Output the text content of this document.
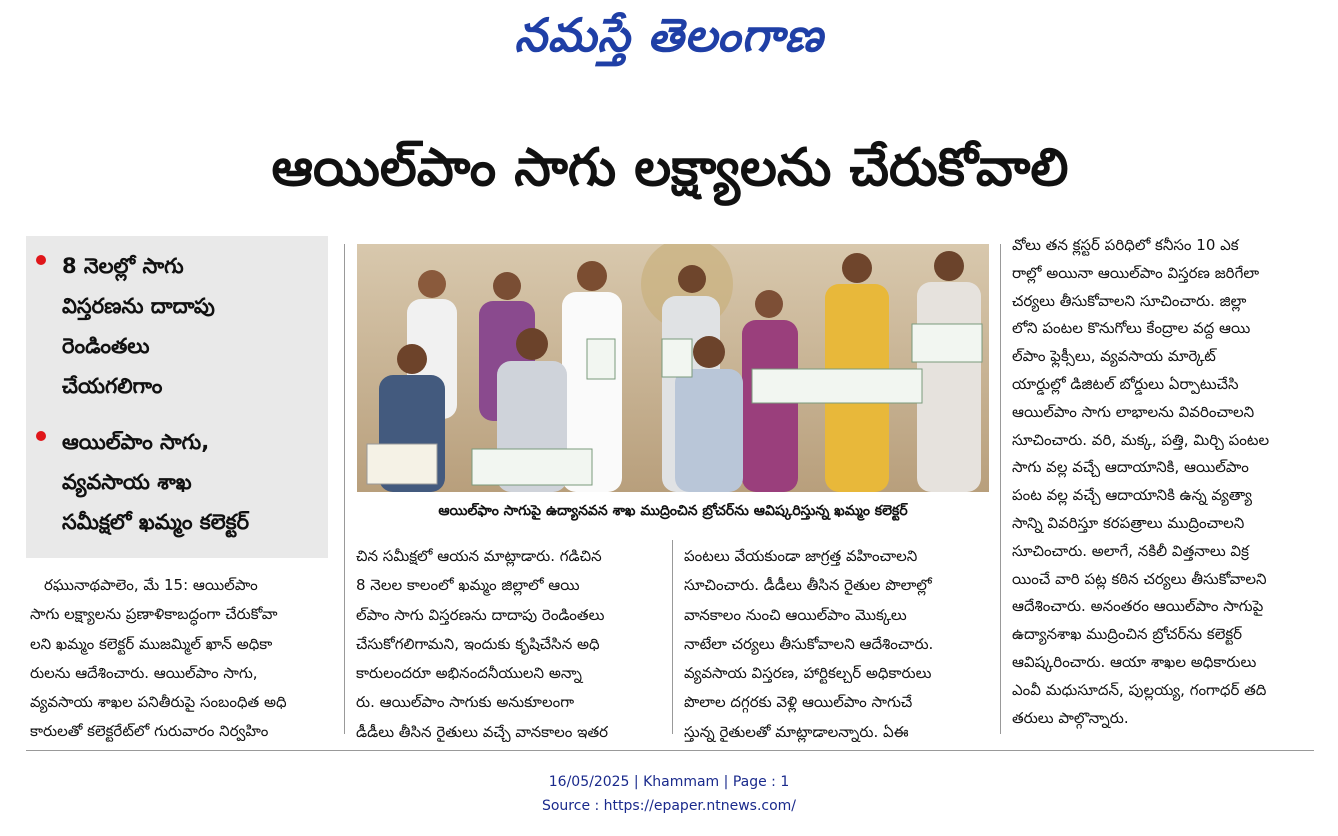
నమస్తే తెలంగాణ
ఆయిల్‌పాం సాగు లక్ష్యాలను చేరుకోవాలి
8 నెలల్లో సాగు
విస్తరణను దాదాపు
రెండింతలు
చేయగలిగాం
ఆయిల్‌పాం సాగు,
వ్యవసాయ శాఖ
సమీక్షలో ఖమ్మం కలెక్టర్	ఆయిల్‌ఫాం సాగుపై ఉద్యానవన శాఖ ముద్రించిన బ్రోచర్‌ను ఆవిష్కరిస్తున్న ఖమ్మం కలెక్టర్
రఘునాథపాలెం, మే 15: ఆయిల్‌పాం
సాగు లక్ష్యాలను ప్రణాళికాబద్ధంగా చేరుకోవా
లని ఖమ్మం కలెక్టర్ ముజమ్మిల్ ఖాన్ అధికా
రులను ఆదేశించారు. ఆయిల్‌పాం సాగు,
వ్యవసాయ శాఖల పనితీరుపై సంబంధిత అధి
కారులతో కలెక్టరేట్‌లో గురువారం నిర్వహిం
చిన సమీక్షలో ఆయన మాట్లాడారు. గడిచిన
8 నెలల కాలంలో ఖమ్మం జిల్లాలో ఆయి
ల్‌పాం సాగు విస్తరణను దాదాపు రెండింతలు
చేసుకోగలిగామని, ఇందుకు కృషిచేసిన అధి
కారులందరూ అభినందనీయులని అన్నా
రు. ఆయిల్‌పాం సాగుకు అనుకూలంగా
డీడీలు తీసిన రైతులు వచ్చే వానకాలం ఇతర
పంటలు వేయకుండా జాగ్రత్త వహించాలని
సూచించారు. డీడీలు తీసిన రైతుల పొలాల్లో
వానకాలం నుంచి ఆయిల్‌పాం మొక్కలు
నాటేలా చర్యలు తీసుకోవాలని ఆదేశించారు.
వ్యవసాయ విస్తరణ, హార్టికల్చర్ అధికారులు
పొలాల దగ్గరకు వెళ్లి ఆయిల్‌పాం సాగుచే
స్తున్న రైతులతో మాట్లాడాలన్నారు. ఏఈ
వోలు తన క్లస్టర్ పరిధిలో కనీసం 10 ఎక
రాల్లో అయినా ఆయిల్‌పాం విస్తరణ జరిగేలా
చర్యలు తీసుకోవాలని సూచించారు. జిల్లా
లోని పంటల కొనుగోలు కేంద్రాల వద్ద ఆయి
ల్‌పాం ఫ్లెక్సీలు, వ్యవసాయ మార్కెట్
యార్డుల్లో డిజిటల్ బోర్డులు ఏర్పాటుచేసి
ఆయిల్‌పాం సాగు లాభాలను వివరించాలని
సూచించారు. వరి, మక్క, పత్తి, మిర్చి పంటల
సాగు వల్ల వచ్చే ఆదాయానికి, ఆయిల్‌పాం
పంట వల్ల వచ్చే ఆదాయానికి ఉన్న వ్యత్యా
సాన్ని వివరిస్తూ కరపత్రాలు ముద్రించాలని
సూచించారు. అలాగే, నకిలీ విత్తనాలు విక్ర
యించే వారి పట్ల కఠిన చర్యలు తీసుకోవాలని
ఆదేశించారు. అనంతరం ఆయిల్‌పాం సాగుపై
ఉద్యానశాఖ ముద్రించిన బ్రోచర్‌ను కలెక్టర్
ఆవిష్కరించారు. ఆయా శాఖల అధికారులు
ఎంవీ మధుసూదన్, పుల్లయ్య, గంగాధర్ తది
తరులు పాల్గొన్నారు.
16/05/2025 | Khammam | Page : 1
Source : https://epaper.ntnews.com/
